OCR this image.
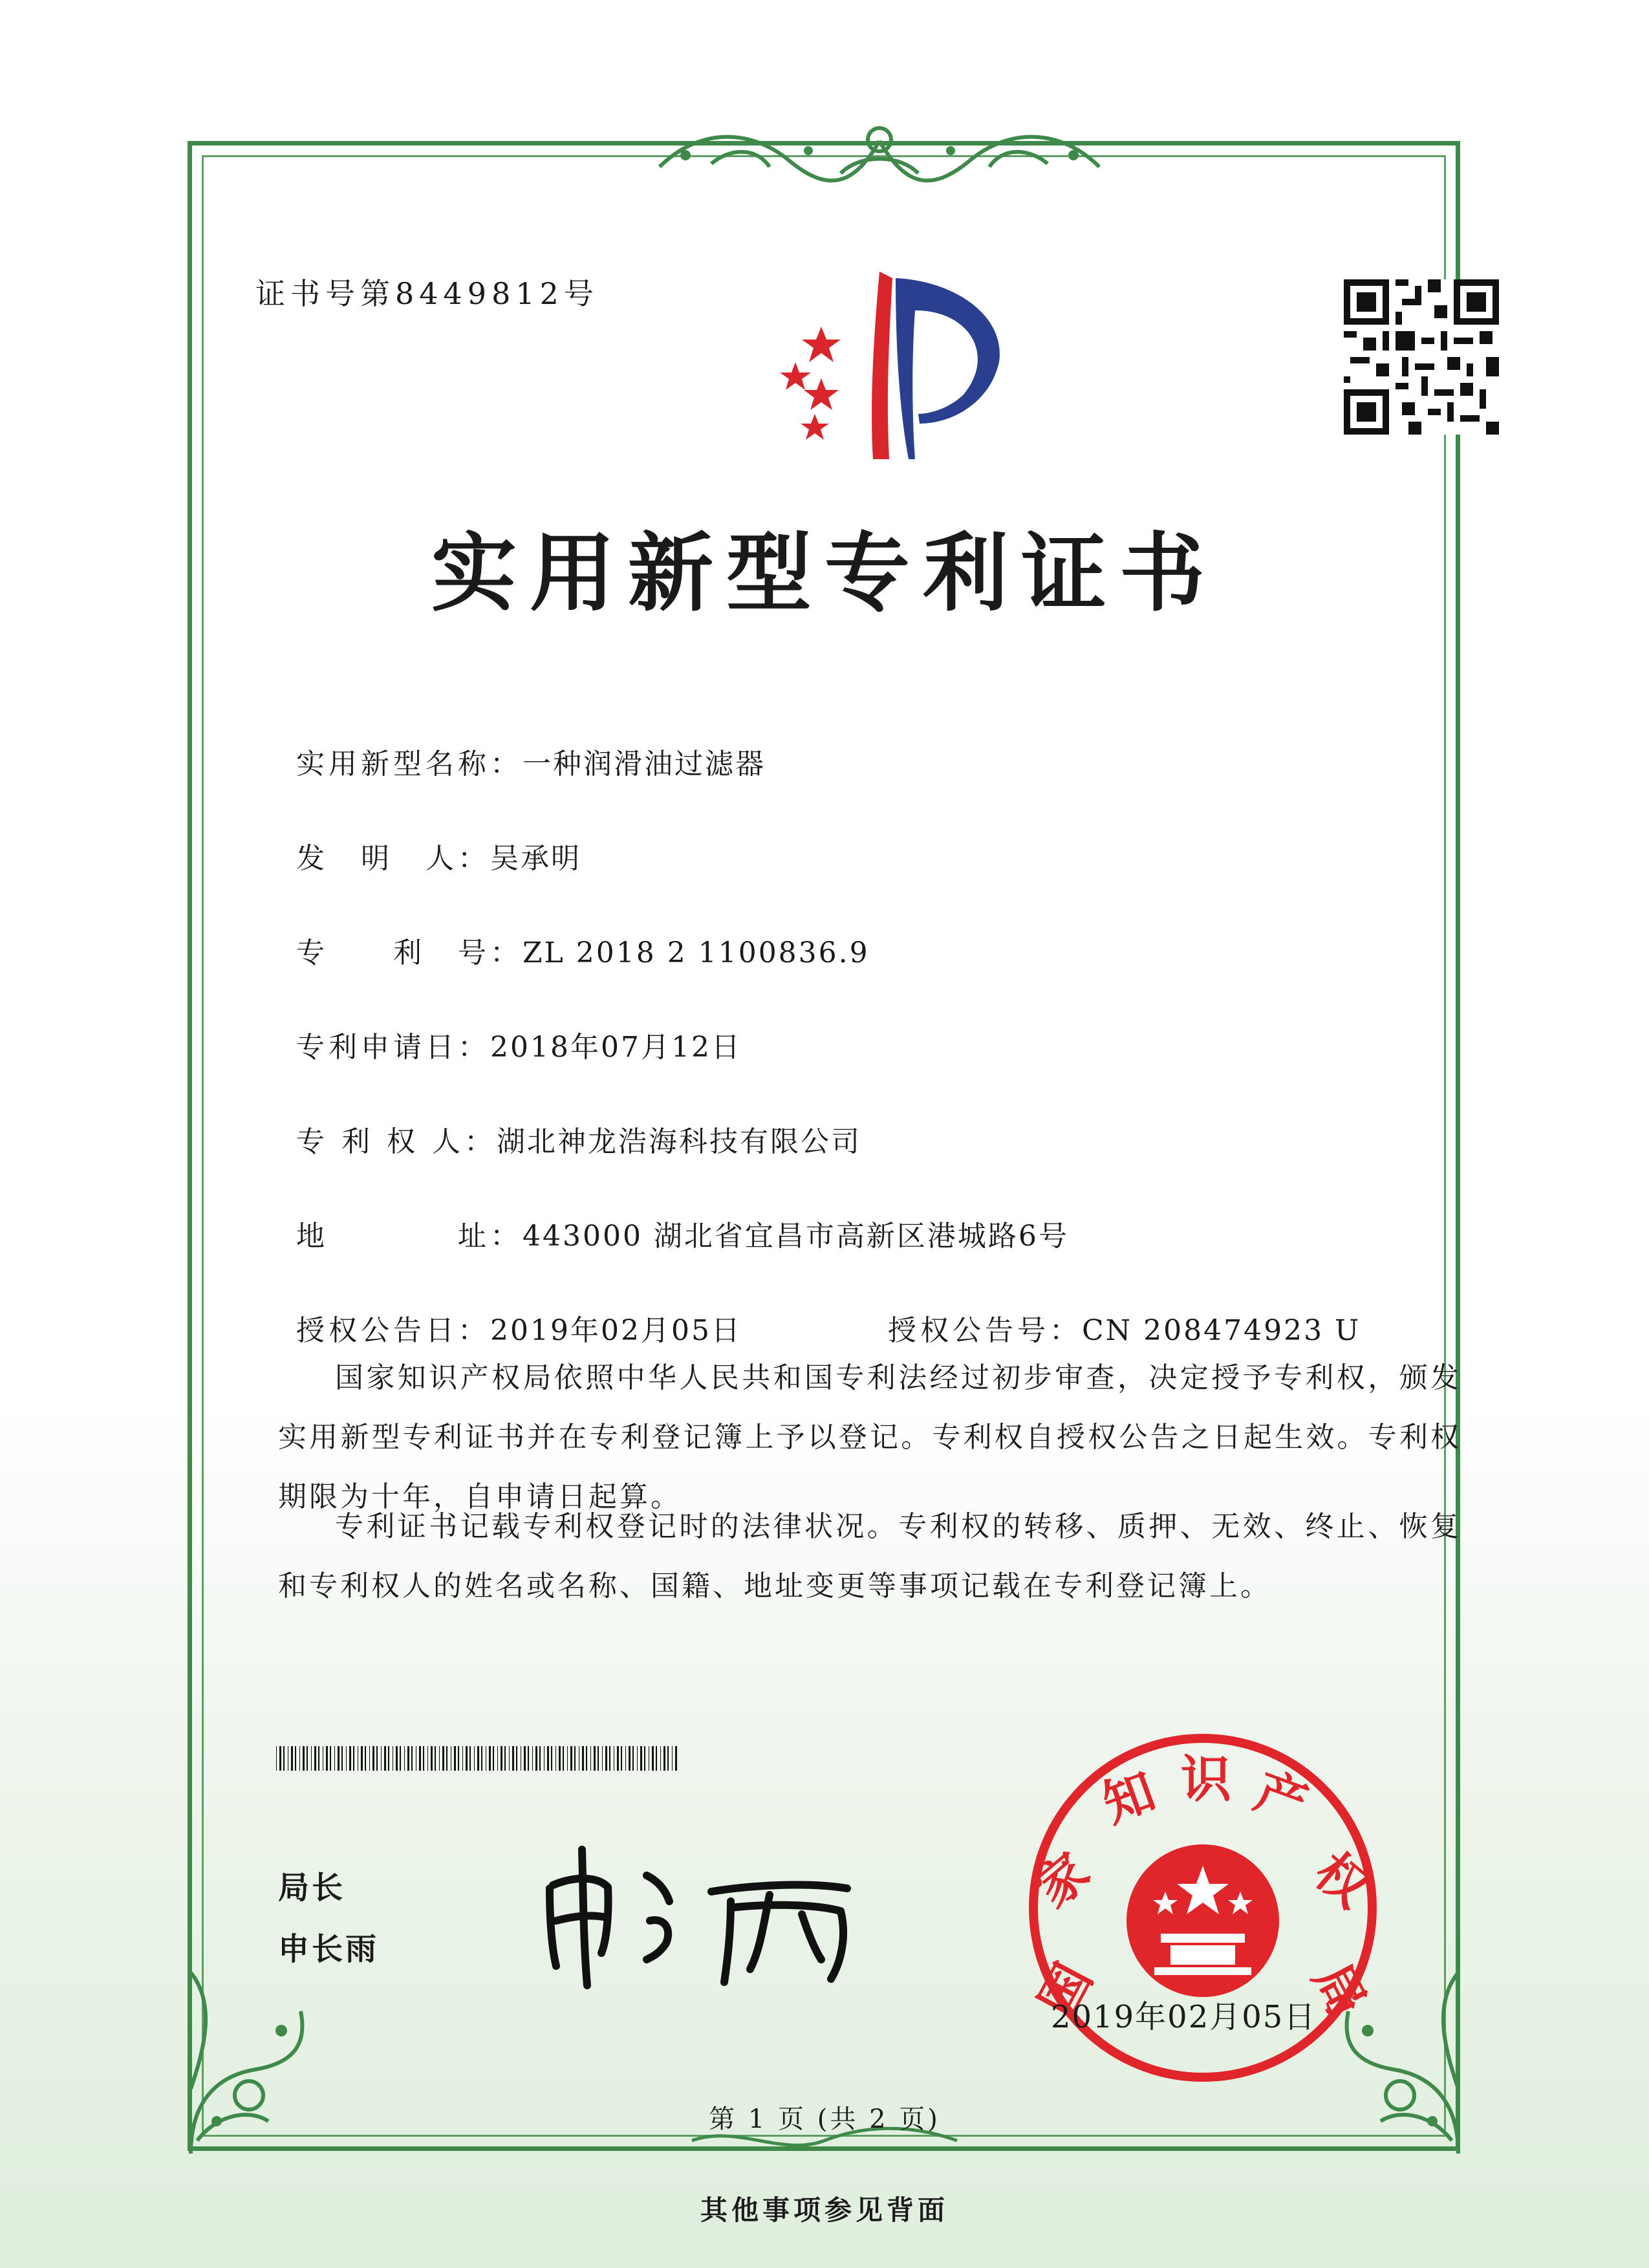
证书号第8449812号
实用新型专利证书

实用新型名称：一种润滑油过滤器

发　明　人：吴承明

专　　利　号：ZL 2018 2 1100836.9

专利申请日：2018年07月12日

专 利 权 人：湖北神龙浩海科技有限公司

地　　　　址：443000 湖北省宜昌市高新区港城路6号

授权公告日：2019年02月05日	授权公告号：CN 208474923 U

国家知识产权局依照中华人民共和国专利法经过初步审查，决定授予专利权，颁发实用新型专利证书并在专利登记簿上予以登记。专利权自授权公告之日起生效。专利权期限为十年，自申请日起算。
专利证书记载专利权登记时的法律状况。专利权的转移、质押、无效、终止、恢复和专利权人的姓名或名称、国籍、地址变更等事项记载在专利登记簿上。
局长
申长雨
国
家
知 识 产
权
局
2019年02月05日
第 1 页 (共 2 页)
其他事项参见背面
